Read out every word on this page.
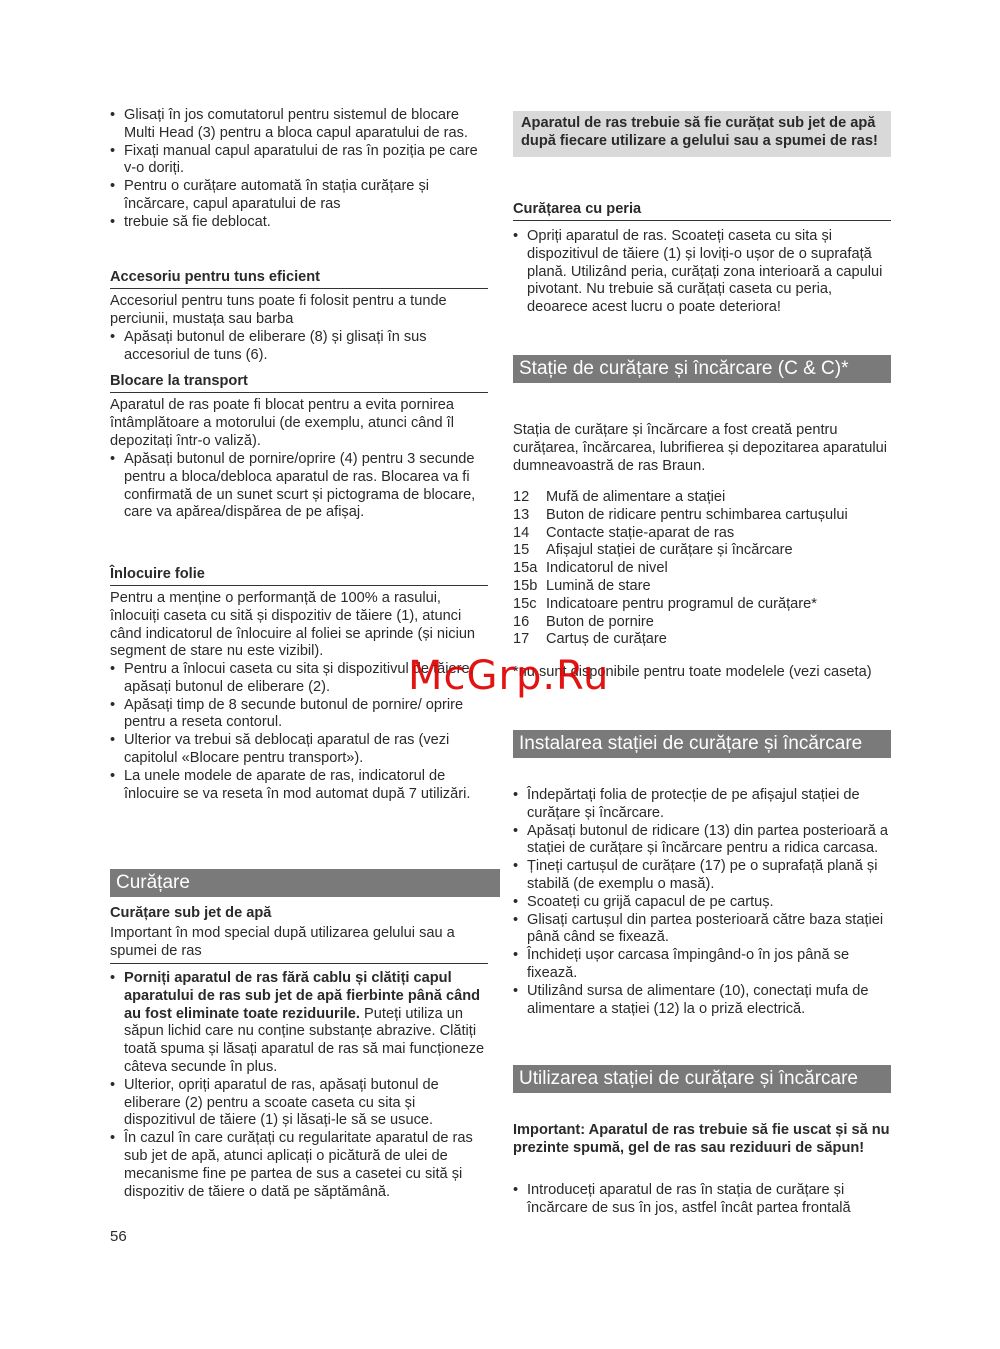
• Glisați în jos comutatorul pentru sistemul de blocare Multi Head (3) pentru a bloca capul aparatului de ras.
• Fixați manual capul aparatului de ras în poziția pe care v-o doriți.
• Pentru o curățare automată în stația curățare și încărcare, capul aparatului de ras
• trebuie să fie deblocat.
Accesoriu pentru tuns eficient

Accesoriul pentru tuns poate fi folosit pentru a tunde perciunii, mustața sau barba

• Apăsați butonul de eliberare (8) și glisați în sus accesoriul de tuns (6).
Blocare la transport

Aparatul de ras poate fi blocat pentru a evita pornirea întâmplătoare a motorului (de exemplu, atunci când îl depozitați într-o valiză).

• Apăsați butonul de pornire/oprire (4) pentru 3 secunde pentru a bloca/debloca aparatul de ras. Blocarea va fi confirmată de un sunet scurt și pictograma de blocare, care va apărea/dispărea de pe afișaj.
Înlocuire folie

Pentru a menține o performanță de 100% a rasului, înlocuiți caseta cu sită și dispozitiv de tăiere (1), atunci când indicatorul de înlocuire al foliei se aprinde (și niciun segment de stare nu este vizibil).

• Pentru a înlocui caseta cu sita și dispozitivul de tăiere, apăsați butonul de eliberare (2).
• Apăsați timp de 8 secunde butonul de pornire/ oprire pentru a reseta contorul.
• Ulterior va trebui să deblocați aparatul de ras (vezi capitolul «Blocare pentru transport»).
• La unele modele de aparate de ras, indicatorul de înlocuire se va reseta în mod automat după 7 utilizări.
Curățare
Curățare sub jet de apă

Important în mod special după utilizarea gelului sau a spumei de ras

• Porniți aparatul de ras fără cablu și clătiți capul aparatului de ras sub jet de apă fierbinte până când au fost eliminate toate reziduurile. Puteți utiliza un săpun lichid care nu conține substanțe abrazive. Clătiți toată spuma și lăsați aparatul de ras să mai funcționeze câteva secunde în plus.
• Ulterior, opriți aparatul de ras, apăsați butonul de eliberare (2) pentru a scoate caseta cu sita și dispozitivul de tăiere (1) și lăsați-le să se usuce.
• În cazul în care curățați cu regularitate aparatul de ras sub jet de apă, atunci aplicați o picătură de ulei de mecanisme fine pe partea de sus a casetei cu sită și dispozitiv de tăiere o dată pe săptămână.
56
Aparatul de ras trebuie să fie curățat sub jet de apă după fiecare utilizare a gelului sau a spumei de ras!
Curățarea cu peria
• Opriți aparatul de ras. Scoateți caseta cu sita și dispozitivul de tăiere (1) și loviți-o ușor de o suprafață plană. Utilizând peria, curățați zona interioară a capului pivotant. Nu trebuie să curățați caseta cu peria, deoarece acest lucru o poate deteriora!
Stație de curățare și încărcare (C & C)*

Stația de curățare și încărcare a fost creată pentru curățarea, încărcarea, lubrifierea și depozitarea aparatului dumneavoastră de ras Braun.

12	Mufă de alimentare a stației
13	Buton de ridicare pentru schimbarea cartușului
14	Contacte stație-aparat de ras
15	Afișajul stației de curățare și încărcare
15a Indicatorul de nivel
15b Lumină de stare
15c Indicatoare pentru programul de curățare*
16	Buton de pornire
17	Cartuș de curățare

*nu sunt disponibile pentru toate modelele (vezi caseta)

Instalarea stației de curățare și încărcare
• Îndepărtați folia de protecție de pe afișajul stației de curățare și încărcare.
• Apăsați butonul de ridicare (13) din partea posterioară a stației de curățare și încărcare pentru a ridica carcasa.
• Țineți cartușul de curățare (17) pe o suprafață plană și stabilă (de exemplu o masă).
• Scoateți cu grijă capacul de pe cartuș.
• Glisați cartușul din partea posterioară către baza stației până când se fixează.
• Închideți ușor carcasa împingând-o în jos până se fixează.
• Utilizând sursa de alimentare (10), conectați mufa de alimentare a stației (12) la o priză electrică.
Utilizarea stației de curățare și încărcare

Important: Aparatul de ras trebuie să fie uscat și să nu prezinte spumă, gel de ras sau reziduuri de săpun!

• Introduceți aparatul de ras în stația de curățare și încărcare de sus în jos, astfel încât partea frontală
McGrp.Ru
